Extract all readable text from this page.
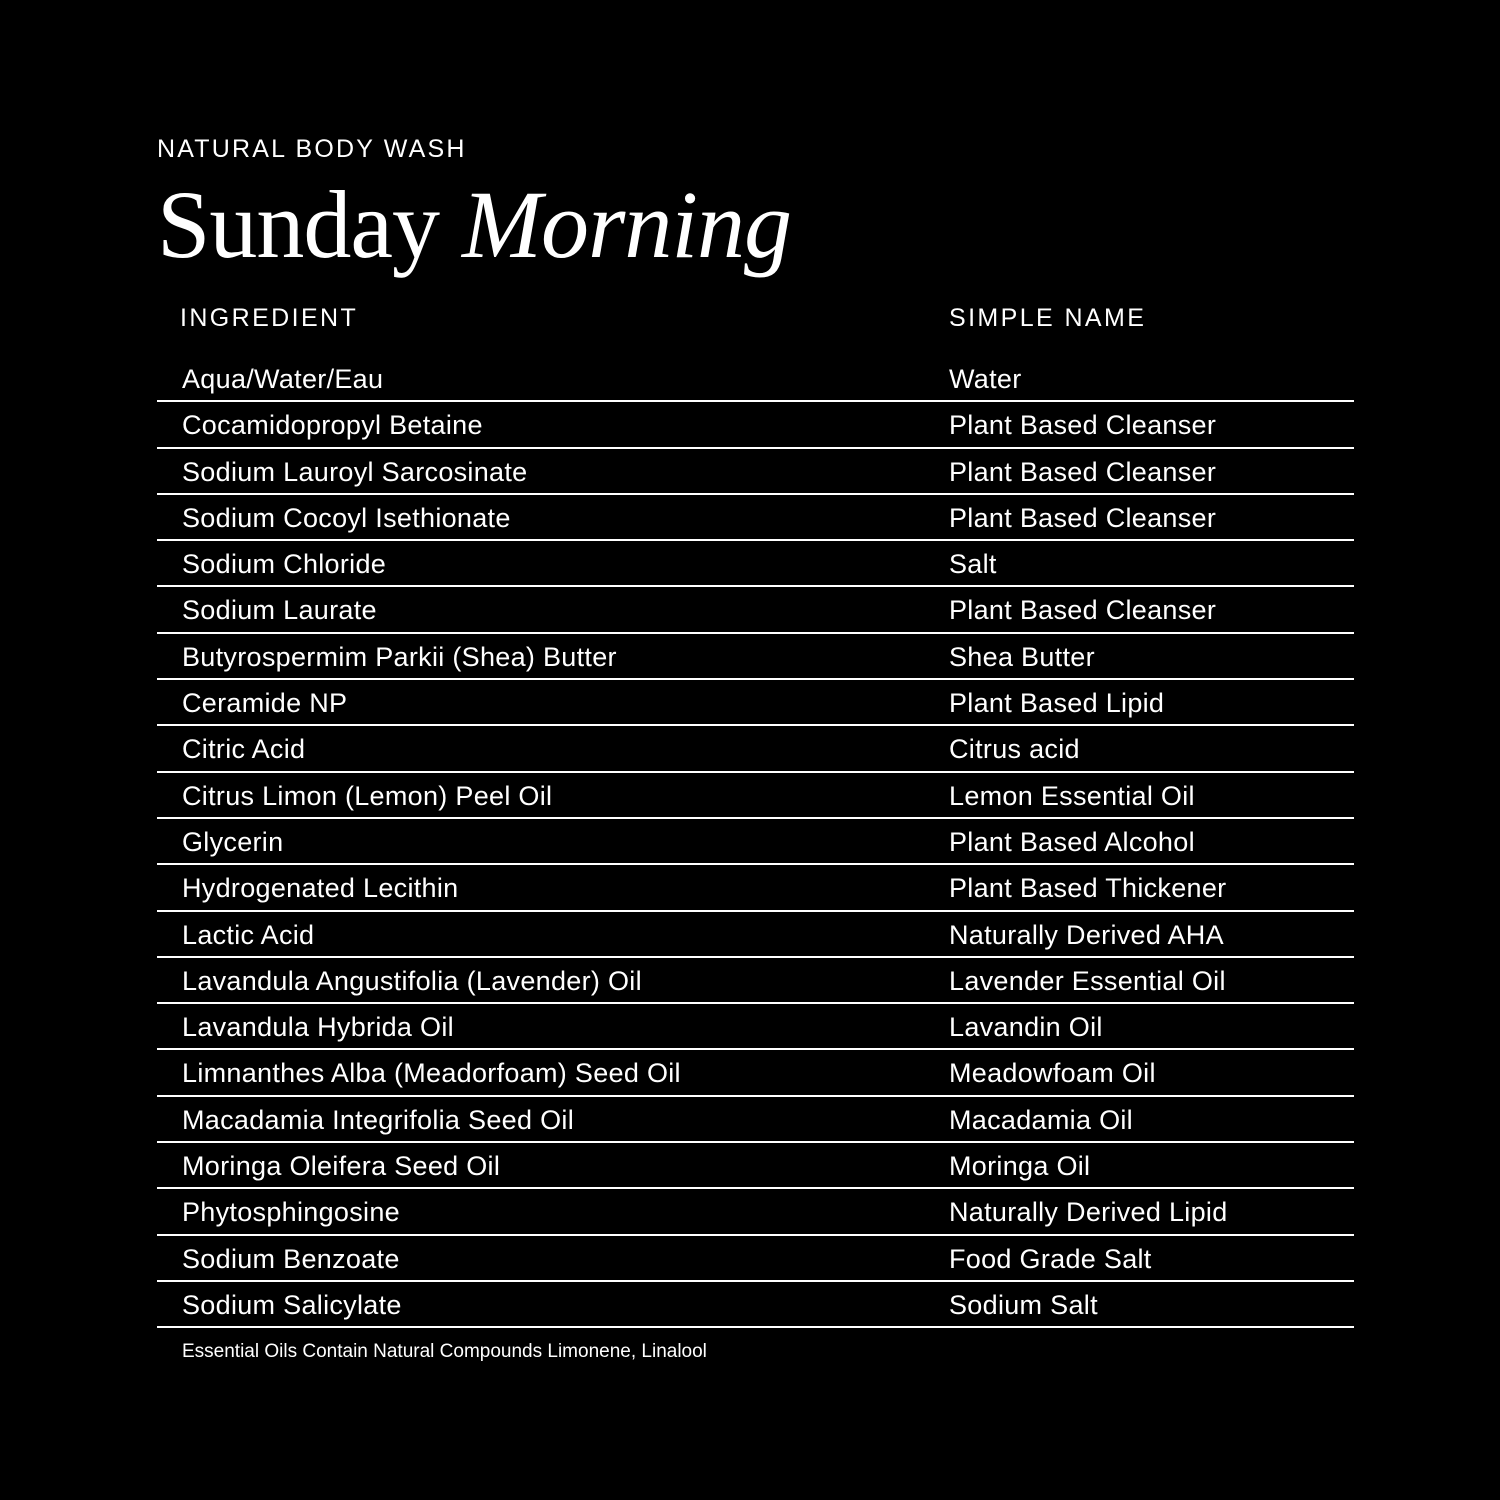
NATURAL BODY WASH
Sunday Morning
INGREDIENT	SIMPLE NAME
Aqua/Water/Eau	Water
Cocamidopropyl Betaine	Plant Based Cleanser
Sodium Lauroyl Sarcosinate	Plant Based Cleanser
Sodium Cocoyl Isethionate	Plant Based Cleanser
Sodium Chloride	Salt
Sodium Laurate	Plant Based Cleanser
Butyrospermim Parkii (Shea) Butter	Shea Butter
Ceramide NP	Plant Based Lipid
Citric Acid	Citrus acid
Citrus Limon (Lemon) Peel Oil	Lemon Essential Oil
Glycerin	Plant Based Alcohol
Hydrogenated Lecithin	Plant Based Thickener
Lactic Acid	Naturally Derived AHA
Lavandula Angustifolia (Lavender) Oil	Lavender Essential Oil
Lavandula Hybrida Oil	Lavandin Oil
Limnanthes Alba (Meadorfoam) Seed Oil	Meadowfoam Oil
Macadamia Integrifolia Seed Oil	Macadamia Oil
Moringa Oleifera Seed Oil	Moringa Oil
Phytosphingosine	Naturally Derived Lipid
Sodium Benzoate	Food Grade Salt
Sodium Salicylate	Sodium Salt
Essential Oils Contain Natural Compounds Limonene, Linalool
